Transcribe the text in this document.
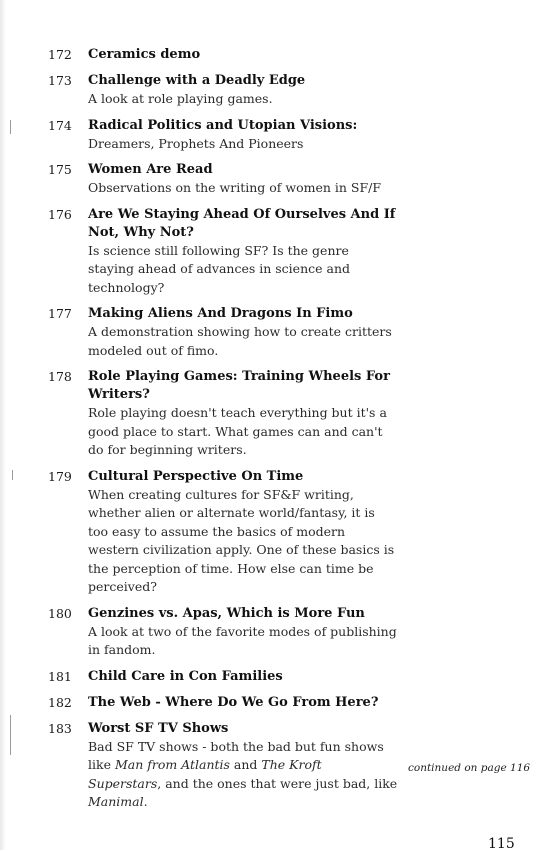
172	Ceramics demo
173	Challenge with a Deadly Edge
A look at role playing games.
174	Radical Politics and Utopian Visions:
Dreamers, Prophets And Pioneers
175	Women Are Read
Observations on the writing of women in SF/F
176	Are We Staying Ahead Of Ourselves And If Not, Why Not?
Is science still following SF? Is the genre staying ahead of advances in science and technology?
177	Making Aliens And Dragons In Fimo
A demonstration showing how to create critters modeled out of fimo.
178	Role Playing Games: Training Wheels For Writers?
Role playing doesn't teach everything but it's a good place to start. What games can and can't do for beginning writers.
179	Cultural Perspective On Time
When creating cultures for SF&F writing, whether alien or alternate world/fantasy, it is too easy to assume the basics of modern western civilization apply. One of these basics is the perception of time. How else can time be perceived?
180	Genzines vs. Apas, Which is More Fun
A look at two of the favorite modes of publishing in fandom.
181	Child Care in Con Families
182	The Web - Where Do We Go From Here?
183	Worst SF TV Shows
Bad SF TV shows - both the bad but fun shows like Man from Atlantis and The Kroft Superstars, and the ones that were just bad, like Manimal.
continued on page 116
115
